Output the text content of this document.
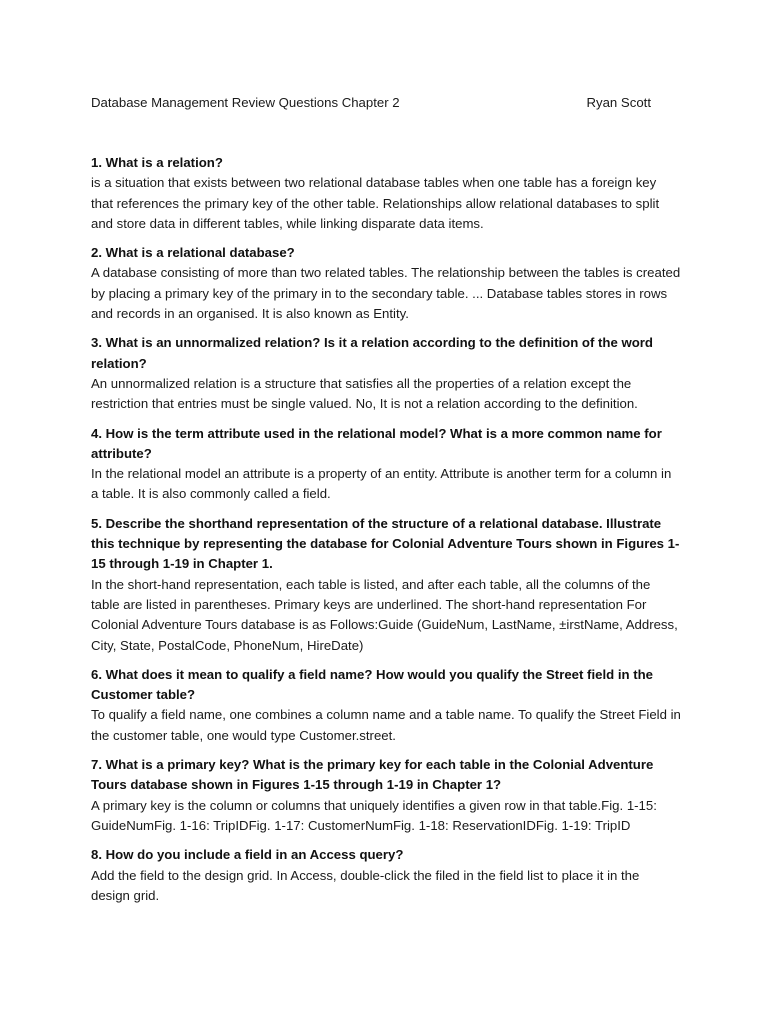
Database Management Review Questions Chapter 2	Ryan Scott

1. What is a relation?

is a situation that exists between two relational database tables when one table has a foreign key that references the primary key of the other table. Relationships allow relational databases to split and store data in different tables, while linking disparate data items.

2. What is a relational database?

A database consisting of more than two related tables. The relationship between the tables is created by placing a primary key of the primary in to the secondary table. ... Database tables stores in rows and records in an organised. It is also known as Entity.

3. What is an unnormalized relation? Is it a relation according to the definition of the word relation?

An unnormalized relation is a structure that satisfies all the properties of a relation except the restriction that entries must be single valued. No, It is not a relation according to the definition.

4. How is the term attribute used in the relational model? What is a more common name for attribute?

In the relational model an attribute is a property of an entity. Attribute is another term for a column in a table. It is also commonly called a field.

5. Describe the shorthand representation of the structure of a relational database. Illustrate this technique by representing the database for Colonial Adventure Tours shown in Figures 1-15 through 1-19 in Chapter 1.

In the short-hand representation, each table is listed, and after each table, all the columns of the table are listed in parentheses. Primary keys are underlined. The short-hand representation For Colonial Adventure Tours database is as Follows:Guide (GuideNum, LastName, ±irstName, Address, City, State, PostalCode, PhoneNum, HireDate)

6. What does it mean to qualify a field name? How would you qualify the Street field in the Customer table?

To qualify a field name, one combines a column name and a table name. To qualify the Street Field in the customer table, one would type Customer.street.

7. What is a primary key? What is the primary key for each table in the Colonial Adventure Tours database shown in Figures 1-15 through 1-19 in Chapter 1?

A primary key is the column or columns that uniquely identifies a given row in that table.Fig. 1-15: GuideNumFig. 1-16: TripIDFig. 1-17: CustomerNumFig. 1-18: ReservationIDFig. 1-19: TripID

8. How do you include a field in an Access query?

Add the field to the design grid. In Access, double-click the filed in the field list to place it in the design grid.
